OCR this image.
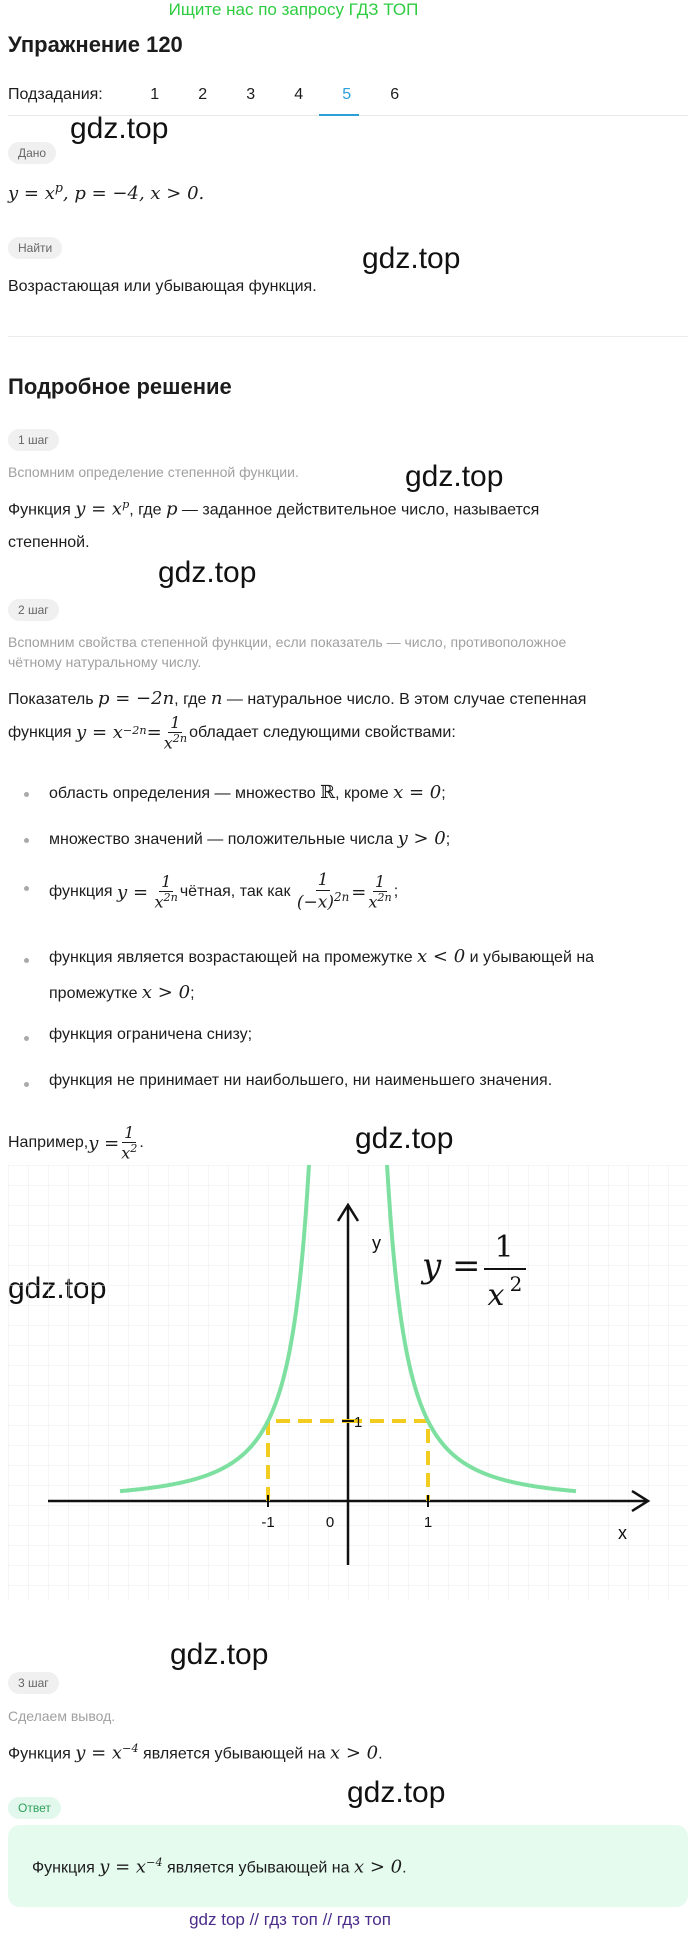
Ищите нас по запросу ГДЗ ТОП
Упражнение 120
Подзадания:	1	2	3	4	5	6
gdz.top
gdz.top
gdz.top
gdz.top
gdz.top
gdz.top
gdz.top
Дано
$y = x^p$, p = −4, x > 0.
Найти
Возрастающая или убывающая функция.
Подробное решение
1 шаг
Вспомним определение степенной функции.
Функция $y = x^p$, где p — заданное действительное число, называется
степенной.
2 шаг
Вспомним свойства степенной функции, если показатель — число, противоположное
чётному натуральному числу.
Показатель p = −2n, где n — натуральное число. В этом случае степенная
функция
$y = x -2n = \frac{1}{x^{2n}}$ обладает следующими свойствами:
область определения — множество ℝ, кроме x = 0;
множество значений — положительные числа y > 0;
функция
y =
$\frac{1}{x^{2n}}$ чётная, так как
$\frac{1}{(-x)^{2n}} = \frac{1}{x^{2n}}$ ;
функция является возрастающей на промежутке x < 0 и убывающей на
промежутке x > 0;
функция ограничена снизу;
функция не принимает ни наибольшего, ни наименьшего значения.
Например, $y = \frac{1}{x^2}$ .
-1	1
1
0
x
y
y = 1
x 2
3 шаг
Сделаем вывод.
Функция $y = x^{-4}$ является убывающей на x > 0.
Ответ
Функция $y = x^{-4}$ является убывающей на x > 0.
gdz top // гдз топ // гдз топ
